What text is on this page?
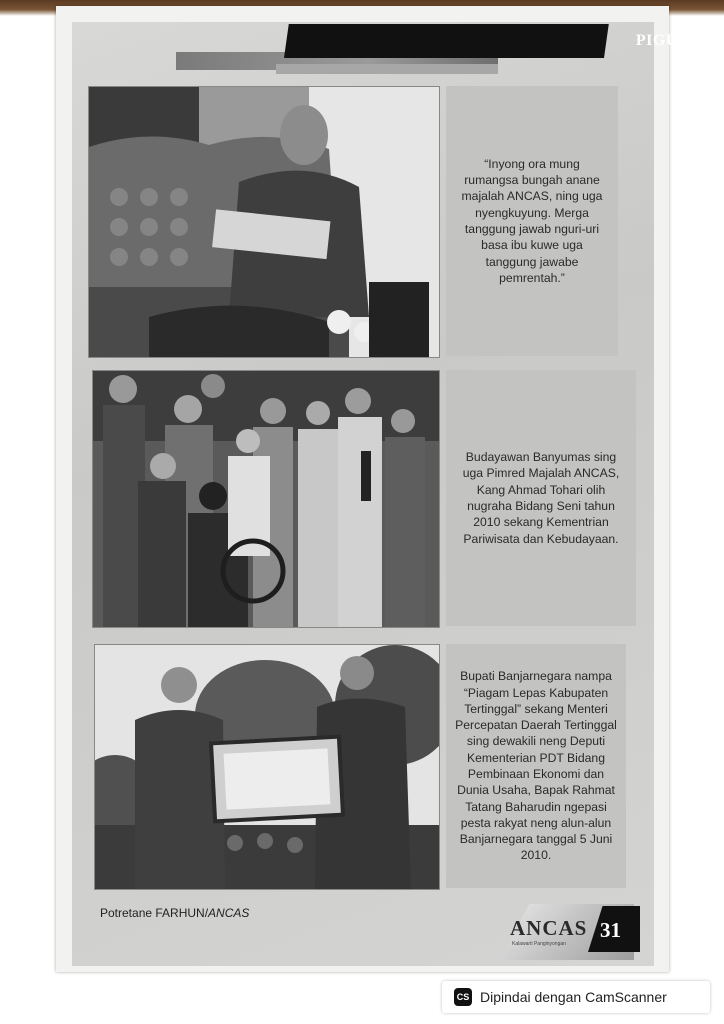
PIGURA

“Inyong ora mung rumangsa bungah anane majalah ANCAS, ning uga nyengkuyung. Merga tanggung jawab nguri-uri basa ibu kuwe uga tanggung jawabe pemrentah.”

Budayawan Banyumas sing uga Pimred Majalah ANCAS, Kang Ahmad Tohari olih nugraha Bidang Seni tahun 2010 sekang Kementrian Pariwisata dan Kebudayaan.

Bupati Banjarnegara nampa “Piagam Lepas Kabupaten Tertinggal” sekang Menteri Percepatan Daerah Tertinggal sing dewakili neng Deputi Kementerian PDT Bidang Pembinaan Ekonomi dan Dunia Usaha, Bapak Rahmat Tatang Baharudin ngepasi pesta rakyat neng alun-alun Banjarnegara tanggal 5 Juni 2010.

Potretane FARHUN/ANCAS
ANCAS
Kalawarti Panginyongan
31
CS Dipindai dengan CamScanner
